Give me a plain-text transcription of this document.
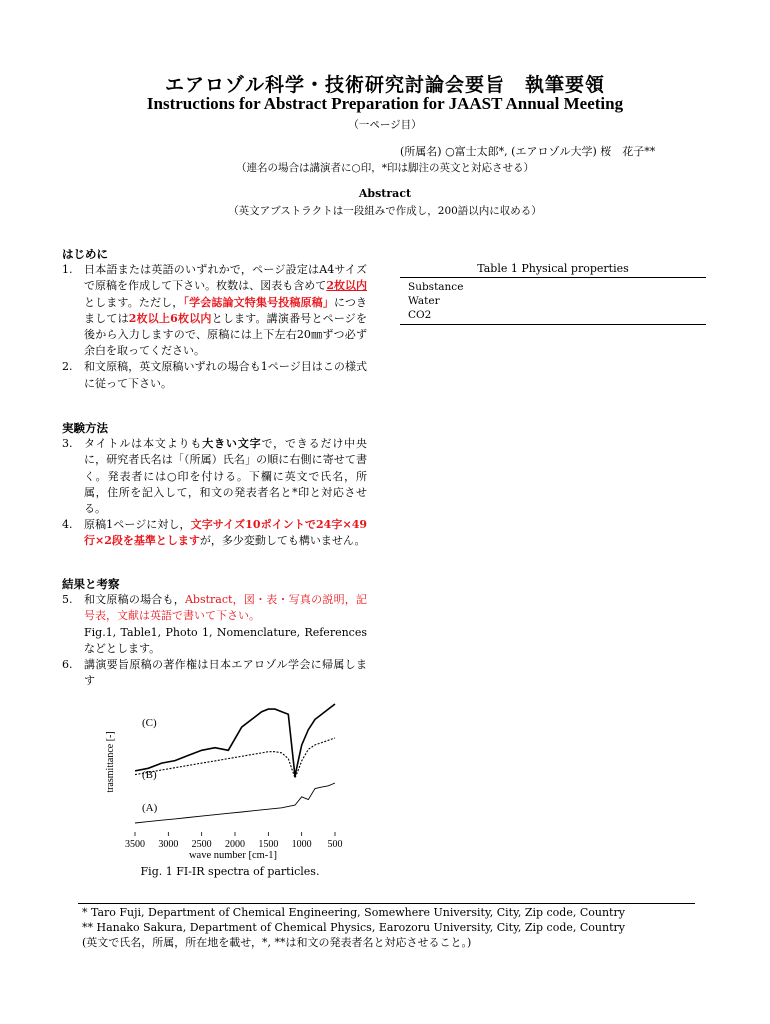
エアロゾル科学・技術研究討論会要旨　執筆要領
Instructions for Abstract Preparation for JAAST Annual Meeting
（一ページ目）
(所属名) ○富士太郎*, (エアロゾル大学) 桜　花子**
（連名の場合は講演者に○印，*印は脚注の英文と対応させる）
Abstract
（英文アブストラクトは一段組みで作成し，200語以内に収める）

はじめに

1. 日本語または英語のいずれかで，ページ設定はA4サイズで原稿を作成して下さい。枚数は、図表も含めて2枚以内とします。ただし，「学会誌論文特集号投稿原稿」につきましては2枚以上6枚以内とします。講演番号とページを後から入力しますので、原稿には上下左右20㎜ずつ必ず余白を取ってください。
2. 和文原稿，英文原稿いずれの場合も1ページ目はこの様式に従って下さい。

実験方法

3. タイトルは本文よりも大きい文字で，できるだけ中央に，研究者氏名は「（所属）氏名」の順に右側に寄せて書く。発表者には○印を付ける。下欄に英文で氏名，所属，住所を記入して，和文の発表者名と*印と対応させる。
4. 原稿1ページに対し，文字サイズ10ポイントで24字×49行×2段を基準としますが，多少変動しても構いません。

結果と考察

5. 和文原稿の場合も，Abstract，図・表・写真の説明，記号表，文献は英語で書いて下さい。
Fig.1, Table1, Photo 1, Nomenclature, References などとします。
6. 講演要旨原稿の著作権は日本エアロゾル学会に帰属します
Table 1 Physical properties
Substance
Water
CO2
trasmittance [-]
(C)
(B)
(A)
3500 3000 2500 2000 1500 1000 500
wave number [cm-1]
Fig. 1 FI-IR spectra of particles.
* Taro Fuji, Department of Chemical Engineering, Somewhere University, City, Zip code, Country
** Hanako Sakura, Department of Chemical Physics, Earozoru University, City, Zip code, Country
(英文で氏名，所属，所在地を載せ，*, **は和文の発表者名と対応させること。)
